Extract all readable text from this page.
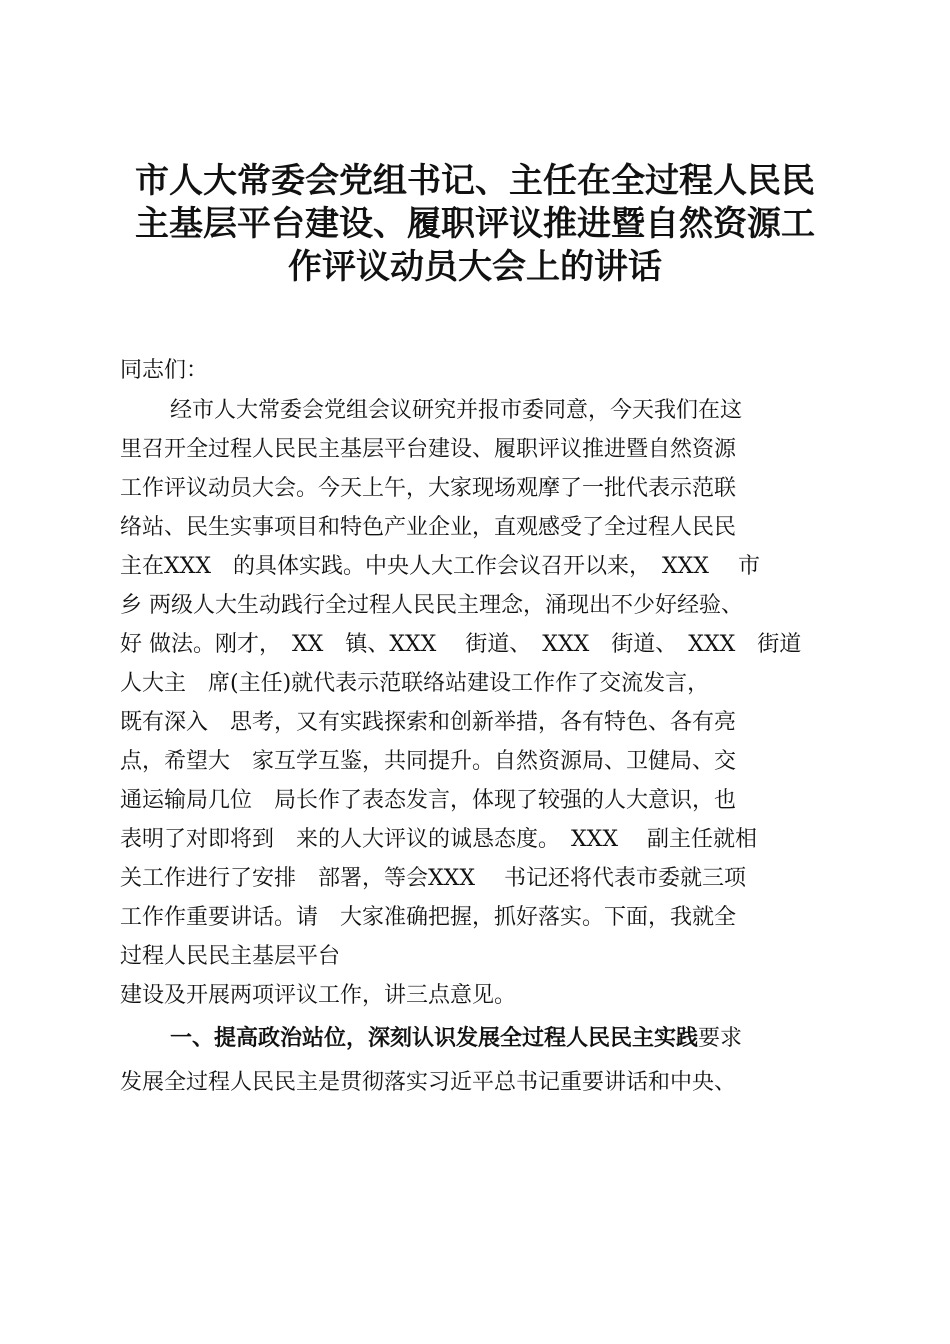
市人大常委会党组书记、主任在全过程人民民
主基层平台建设、履职评议推进暨自然资源工
作评议动员大会上的讲话

同志们：

经市人大常委会党组会议研究并报市委同意，今天我们在这

里召开全过程人民民主基层平台建设、履职评议推进暨自然资源

工作评议动员大会。今天上午，大家现场观摩了一批代表示范联

络站、民生实事项目和特色产业企业，直观感受了全过程人民民

主在XXX　的具体实践。中央人大工作会议召开以来，　XXX　 市

乡 两级人大生动践行全过程人民民主理念，涌现出不少好经验、

好 做法。刚才，　XX　镇、XXX　 街道、　XXX　街道、　XXX　街道

人大主　席(主任)就代表示范联络站建设工作作了交流发言，

既有深入　思考，又有实践探索和创新举措，各有特色、各有亮

点，希望大　家互学互鉴，共同提升。自然资源局、卫健局、交

通运输局几位　局长作了表态发言，体现了较强的人大意识，也

表明了对即将到　来的人大评议的诚恳态度。　XXX　 副主任就相

关工作进行了安排　部署，等会XXX　 书记还将代表市委就三项

工作作重要讲话。请　大家准确把握，抓好落实。下面，我就全

过程人民民主基层平台

建设及开展两项评议工作，讲三点意见。

一、提高政治站位，深刻认识发展全过程人民民主实践要求

发展全过程人民民主是贯彻落实习近平总书记重要讲话和中央、
